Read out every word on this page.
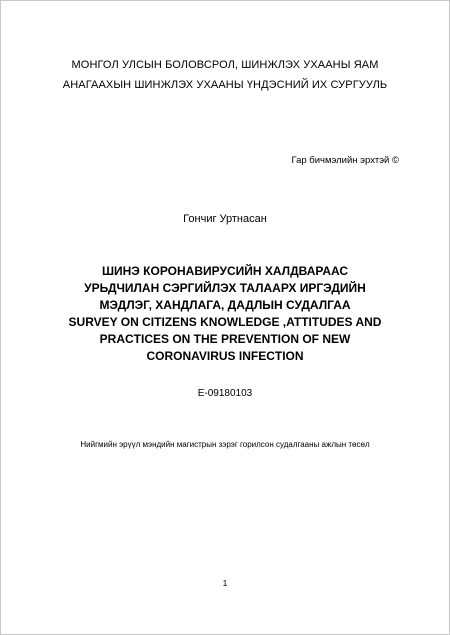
МОНГОЛ УЛСЫН БОЛОВСРОЛ, ШИНЖЛЭХ УХААНЫ ЯАМ
АНАГААХЫН ШИНЖЛЭХ УХААНЫ ҮНДЭСНИЙ ИХ СУРГУУЛЬ
Гар бичмэлийн эрхтэй ©
Гончиг Уртнасан
ШИНЭ КОРОНАВИРУСИЙН ХАЛДВАРААС
УРЬДЧИЛАН СЭРГИЙЛЭХ ТАЛААРХ ИРГЭДИЙН
МЭДЛЭГ, ХАНДЛАГА, ДАДЛЫН СУДАЛГАА
SURVEY ON CITIZENS KNOWLEDGE ,ATTITUDES AND
PRACTICES ON THE PREVENTION OF NEW
CORONAVIRUS INFECTION
E-09180103
Нийгмийн эрүүл мэндийн магистрын зэрэг горилсон судалгааны ажлын төсөл
1
